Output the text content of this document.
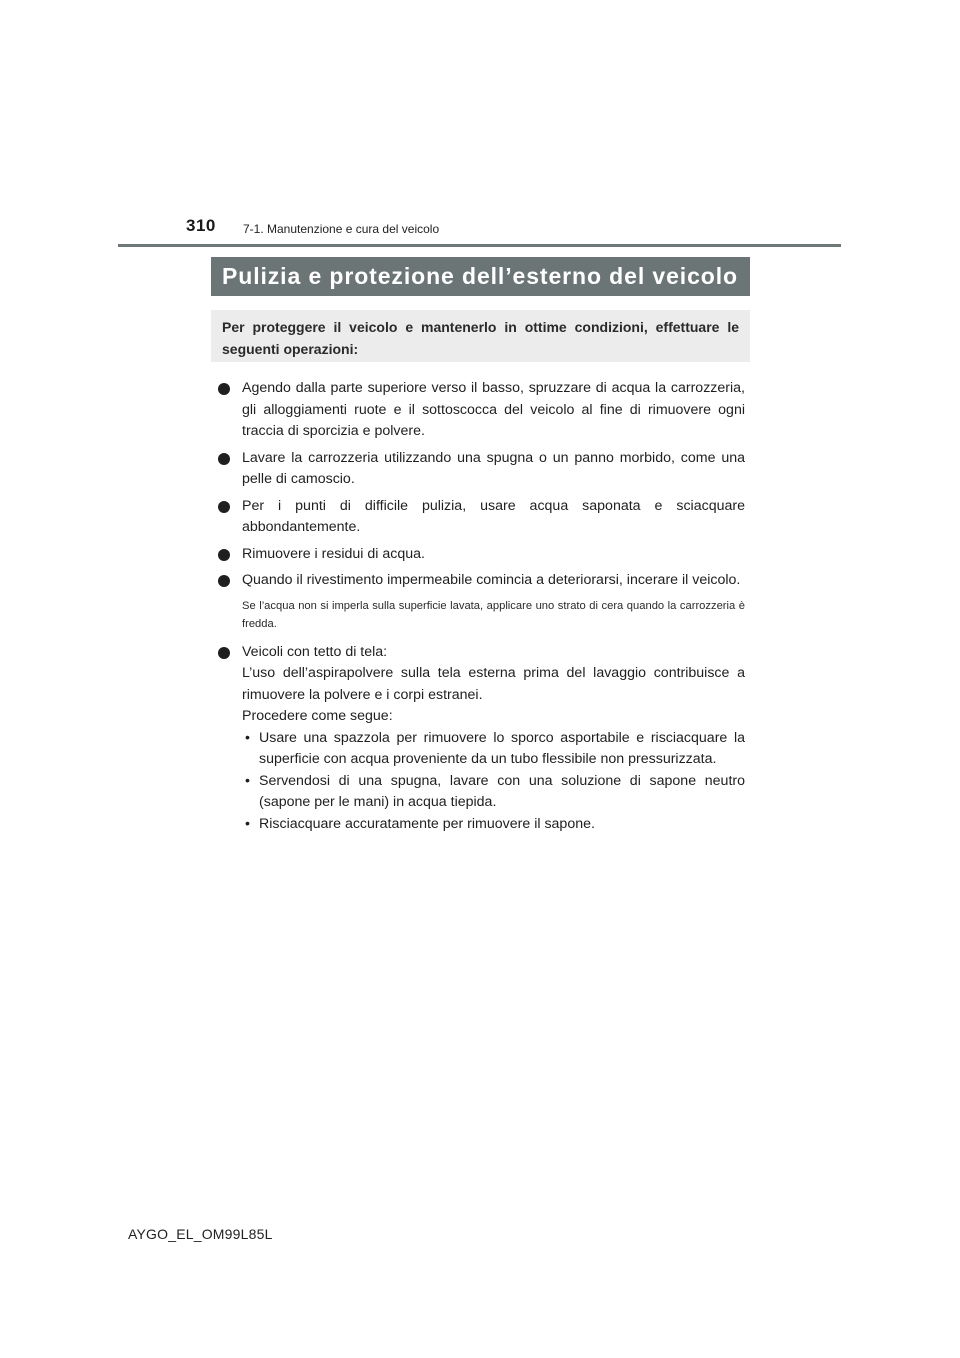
310 7-1. Manutenzione e cura del veicolo
Pulizia e protezione dell’esterno del veicolo
Per proteggere il veicolo e mantenerlo in ottime condizioni, effettuare le seguenti operazioni:
Agendo dalla parte superiore verso il basso, spruzzare di acqua la carrozzeria, gli alloggiamenti ruote e il sottoscocca del veicolo al fine di rimuovere ogni traccia di sporcizia e polvere.
Lavare la carrozzeria utilizzando una spugna o un panno morbido, come una pelle di camoscio.
Per i punti di difficile pulizia, usare acqua saponata e sciacquare abbondantemente.
Rimuovere i residui di acqua.
Quando il rivestimento impermeabile comincia a deteriorarsi, incerare il veicolo.
Se l’acqua non si imperla sulla superficie lavata, applicare uno strato di cera quando la carrozzeria è fredda.
Veicoli con tetto di tela:
L’uso dell’aspirapolvere sulla tela esterna prima del lavaggio contribuisce a rimuovere la polvere e i corpi estranei.
Procedere come segue:
• Usare una spazzola per rimuovere lo sporco asportabile e risciacquare la superficie con acqua proveniente da un tubo flessibile non pressurizzata.
• Servendosi di una spugna, lavare con una soluzione di sapone neutro (sapone per le mani) in acqua tiepida.
• Risciacquare accuratamente per rimuovere il sapone.
AYGO_EL_OM99L85L
